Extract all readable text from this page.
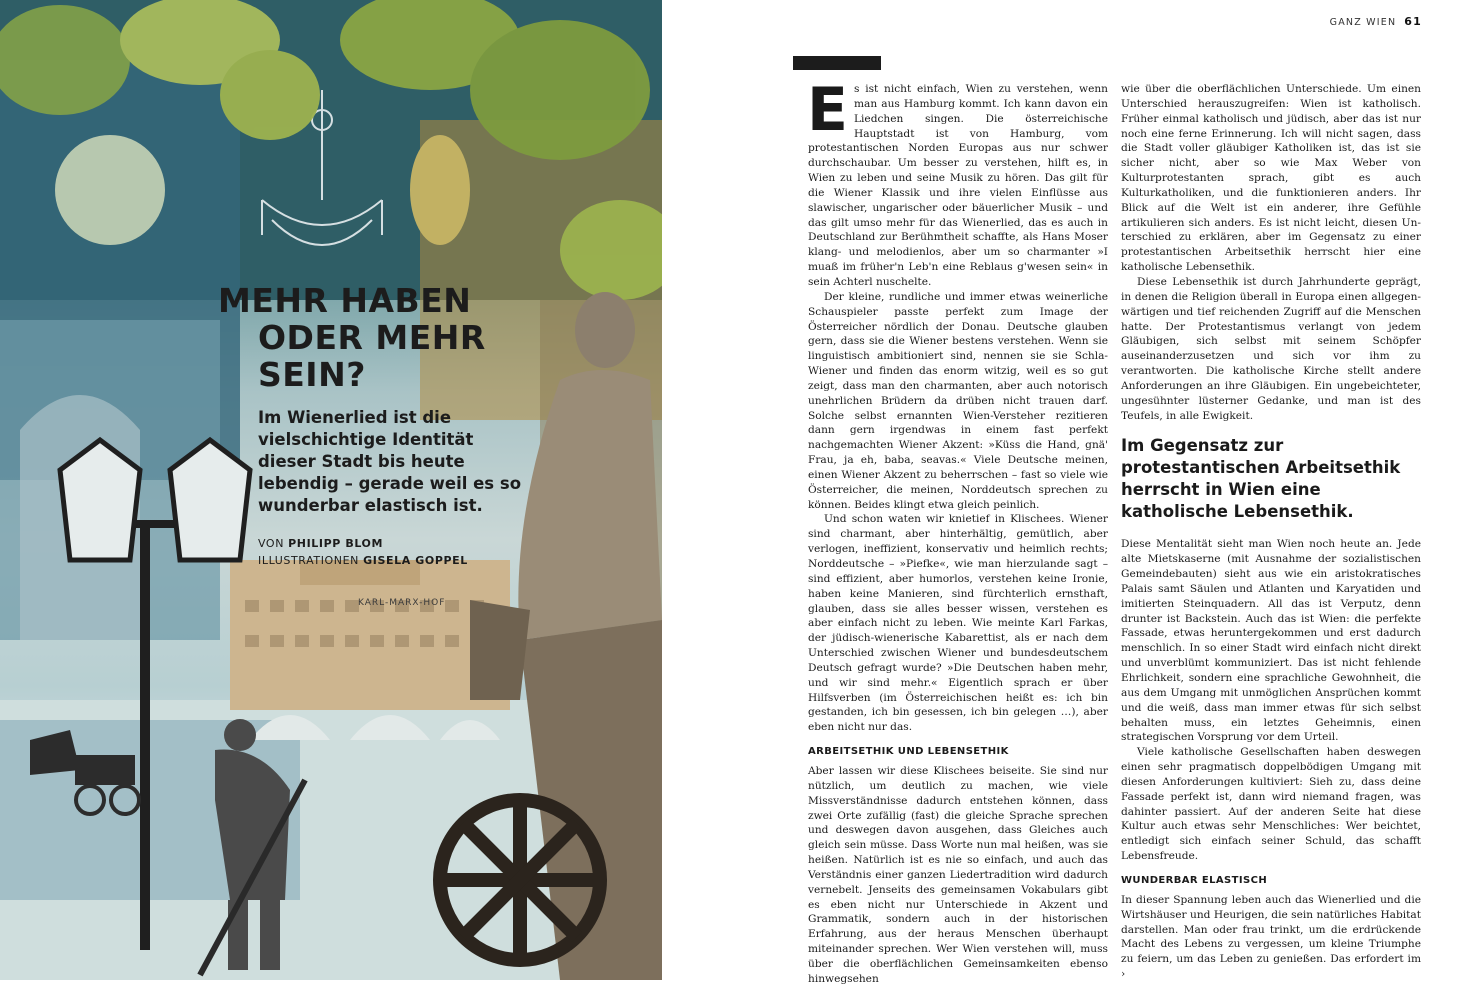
KARL-MARX-HOF
MEHR HABEN
ODER MEHR SEIN?

Im Wienerlied ist die vielschichtige Identität dieser Stadt bis heute lebendig – gerade weil es so wunderbar elastisch ist.

VON PHILIPP BLOM
ILLUSTRATIONEN GISELA GOPPEL
GANZ WIEN 61

Es ist nicht einfach, Wien zu verstehen, wenn man aus Hamburg kommt. Ich kann davon ein Liedchen singen. Die österreichische Hauptstadt ist von Hamburg, vom protestantischen Norden Europas aus nur schwer durchschaubar. Um besser zu verstehen, hilft es, in Wien zu leben und seine Musik zu hören. Das gilt für die Wiener Klassik und ihre vielen Einflüsse aus slawischer, ungarischer oder bäuerlicher Musik – und das gilt umso mehr für das Wienerlied, das es auch in Deutschland zur Berühmtheit schaffte, als Hans Moser klang- und melodienlos, aber um so charmanter »I muaß im früher'n Leb'n eine Reblaus g'wesen sein« in sein Achterl nuschelte.

Der kleine, rundliche und immer etwas weinerliche Schauspieler passte perfekt zum Image der Österreicher nördlich der Donau. Deutsche glauben gern, dass sie die Wiener bestens verstehen. Wenn sie linguistisch ambitioniert sind, nennen sie sie Schla-Wiener und finden das enorm witzig, weil es so gut zeigt, dass man den charmanten, aber auch notorisch unehrlichen Brüdern da drüben nicht trauen darf. Solche selbst ernannten Wien-Versteher rezitieren dann gern irgendwas in einem fast perfekt nachgemachten Wiener Akzent: »Küss die Hand, gnä' Frau, ja eh, baba, seavas.« Viele Deutsche meinen, einen Wiener Akzent zu beherrschen – fast so viele wie Österreicher, die meinen, Norddeutsch sprechen zu können. Beides klingt etwa gleich peinlich.

Und schon waten wir knietief in Klischees. Wiener sind charmant, aber hinterhältig, gemütlich, aber verlogen, ineffizient, konservativ und heimlich rechts; Norddeutsche – »Piefke«, wie man hierzulande sagt – sind effizient, aber humorlos, verstehen keine Ironie, haben keine Manieren, sind fürchterlich ernsthaft, glauben, dass sie alles besser wissen, verstehen es aber einfach nicht zu leben. Wie meinte Karl Farkas, der jüdisch-wienerische Kabarettist, als er nach dem Unterschied zwischen Wiener und bundesdeutschem Deutsch gefragt wurde? »Die Deutschen haben mehr, und wir sind mehr.« Eigentlich sprach er über Hilfsverben (im Österreichischen heißt es: ich bin gestanden, ich bin gesessen, ich bin gelegen …), aber eben nicht nur das.

ARBEITSETHIK UND LEBENSETHIK

Aber lassen wir diese Klischees beiseite. Sie sind nur nützlich, um deutlich zu machen, wie viele Missverständnisse dadurch entstehen können, dass zwei Orte zufällig (fast) die gleiche Sprache sprechen und deswegen davon ausgehen, dass Gleiches auch gleich sein müsse. Dass Worte nun mal heißen, was sie heißen. Natürlich ist es nie so einfach, und auch das Verständnis einer ganzen Liedertradition wird dadurch vernebelt. Jenseits des gemeinsamen Vokabulars gibt es eben nicht nur Unterschiede in Akzent und Grammatik, sondern auch in der historischen Erfahrung, aus der heraus Menschen überhaupt miteinander sprechen. Wer Wien verstehen will, muss über die oberflächlichen Gemeinsamkeiten ebenso hinwegsehen

wie über die oberflächlichen Unterschiede. Um einen Unterschied herauszugreifen: Wien ist katholisch. Früher einmal katholisch und jüdisch, aber das ist nur noch eine ferne Erinnerung. Ich will nicht sagen, dass die Stadt voller gläubiger Katholiken ist, das ist sie sicher nicht, aber so wie Max Weber von Kulturprotestanten sprach, gibt es auch Kulturkatholiken, und die funktionieren anders. Ihr Blick auf die Welt ist ein anderer, ihre Gefühle artikulieren sich anders. Es ist nicht leicht, diesen Unterschied zu erklären, aber im Gegensatz zu einer protestantischen Arbeitsethik herrscht hier eine katholische Lebensethik.

Diese Lebensethik ist durch Jahrhunderte geprägt, in denen die Religion überall in Europa einen allgegenwärtigen und tief reichenden Zugriff auf die Menschen hatte. Der Protestantismus verlangt von jedem Gläubigen, sich selbst mit seinem Schöpfer auseinanderzusetzen und sich vor ihm zu verantworten. Die katholische Kirche stellt andere Anforderungen an ihre Gläubigen. Ein ungebeichteter, ungesühnter lüsterner Gedanke, und man ist des Teufels, in alle Ewigkeit.

Im Gegensatz zur protestantischen Arbeitsethik herrscht in Wien eine katholische Lebensethik.

Diese Mentalität sieht man Wien noch heute an. Jede alte Mietskaserne (mit Ausnahme der sozialistischen Gemeindebauten) sieht aus wie ein aristokratisches Palais samt Säulen und Atlanten und Karyatiden und imitierten Steinquadern. All das ist Verputz, denn drunter ist Backstein. Auch das ist Wien: die perfekte Fassade, etwas heruntergekommen und erst dadurch menschlich. In so einer Stadt wird einfach nicht direkt und unverblümt kommuniziert. Das ist nicht fehlende Ehrlichkeit, sondern eine sprachliche Gewohnheit, die aus dem Umgang mit unmöglichen Ansprüchen kommt und die weiß, dass man immer etwas für sich selbst behalten muss, ein letztes Geheimnis, einen strategischen Vorsprung vor dem Urteil.

Viele katholische Gesellschaften haben deswegen einen sehr pragmatisch doppelbödigen Umgang mit diesen Anforderungen kultiviert: Sieh zu, dass deine Fassade perfekt ist, dann wird niemand fragen, was dahinter passiert. Auf der anderen Seite hat diese Kultur auch etwas sehr Menschliches: Wer beichtet, entledigt sich einfach seiner Schuld, das schafft Lebensfreude.

WUNDERBAR ELASTISCH

In dieser Spannung leben auch das Wienerlied und die Wirtshäuser und Heurigen, die sein natürliches Habitat darstellen. Man oder frau trinkt, um die erdrückende Macht des Lebens zu vergessen, um kleine Triumphe zu feiern, um das Leben zu genießen. Das erfordert im ›
